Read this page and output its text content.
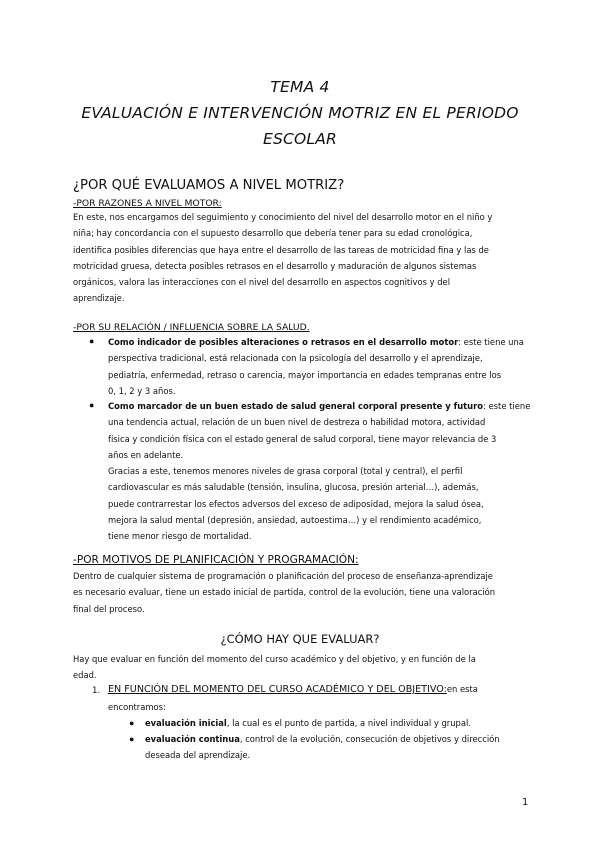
TEMA 4
EVALUACIÓN E INTERVENCIÓN MOTRIZ EN EL PERIODO
ESCOLAR
¿POR QUÉ EVALUAMOS A NIVEL MOTRIZ?
-POR RAZONES A NIVEL MOTOR:
En este, nos encargamos del seguimiento y conocimiento del nivel del desarrollo motor en el niño y
niña; hay concordancia con el supuesto desarrollo que debería tener para su edad cronológica,
identifica posibles diferencias que haya entre el desarrollo de las tareas de motricidad fina y las de
motricidad gruesa, detecta posibles retrasos en el desarrollo y maduración de algunos sistemas
orgánicos, valora las interacciones con el nivel del desarrollo en aspectos cognitivos y del
aprendizaje.
-POR SU RELACIÓN / INFLUENCIA SOBRE LA SALUD.
● Como indicador de posibles alteraciones o retrasos en el desarrollo motor: este tiene una
perspectiva tradicional, está relacionada con la psicología del desarrollo y el aprendizaje,
pediatría, enfermedad, retraso o carencia, mayor importancia en edades tempranas entre los
0, 1, 2 y 3 años.
● Como marcador de un buen estado de salud general corporal presente y futuro: este tiene
una tendencia actual, relación de un buen nivel de destreza o habilidad motora, actividad
física y condición física con el estado general de salud corporal, tiene mayor relevancia de 3
años en adelante.
Gracias a este, tenemos menores niveles de grasa corporal (total y central), el perfil
cardiovascular es más saludable (tensión, insulina, glucosa, presión arterial…), además,
puede contrarrestar los efectos adversos del exceso de adiposidad, mejora la salud ósea,
mejora la salud mental (depresión, ansiedad, autoestima…) y el rendimiento académico,
tiene menor riesgo de mortalidad.
-POR MOTIVOS DE PLANIFICACIÓN Y PROGRAMACIÓN:
Dentro de cualquier sistema de programación o planificación del proceso de enseñanza-aprendizaje
es necesario evaluar, tiene un estado inicial de partida, control de la evolución, tiene una valoración
final del proceso.
¿CÓMO HAY QUE EVALUAR?
Hay que evaluar en función del momento del curso académico y del objetivo, y en función de la
edad.
1. EN FUNCIÓN DEL MOMENTO DEL CURSO ACADÉMICO Y DEL OBJETIVO:en esta
encontramos:
● evaluación inicial, la cual es el punto de partida, a nivel individual y grupal.
● evaluación continua, control de la evolución, consecución de objetivos y dirección
deseada del aprendizaje.
1
